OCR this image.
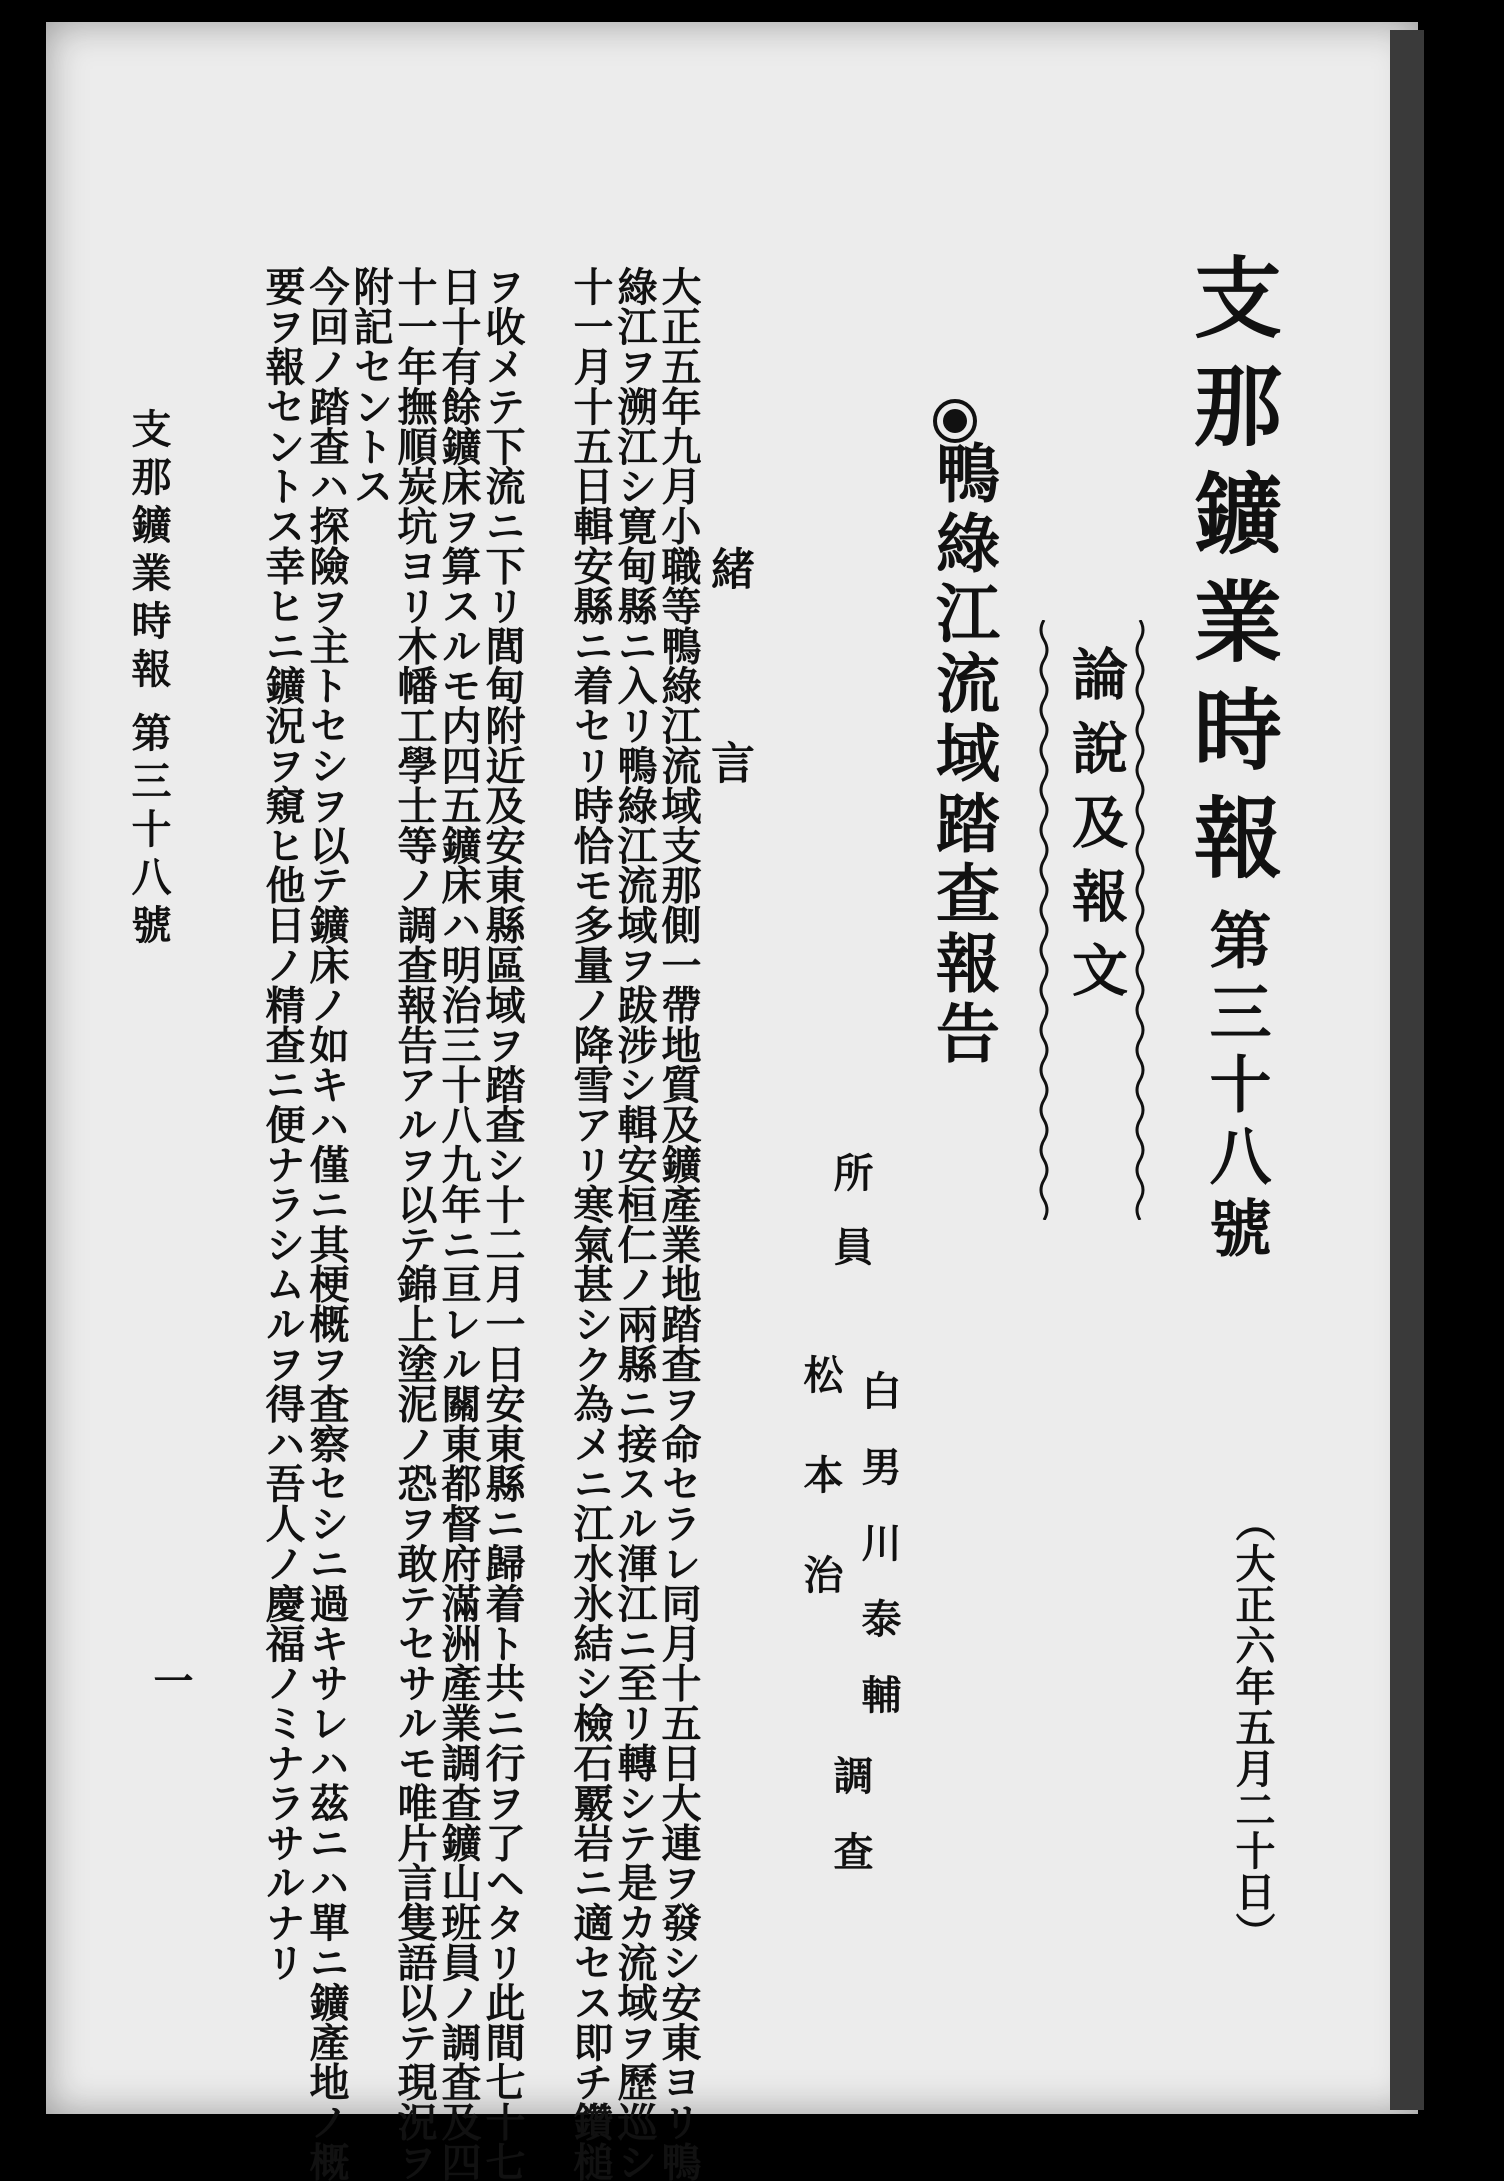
支那鑛業時報
第三十八號
（大正六年五月二十日）
論說及報文
鴨綠江流域踏查報告
所員
白男川泰輔
松本治
調查
緒言
大正五年九月小職等鴨綠江流域支那側一帶地質及鑛產業地踏查ヲ命セラレ同月十五日大連ヲ發シ安東ヨリ鴨
綠江ヲ溯江シ寛甸縣ニ入リ鴨綠江流域ヲ跋涉シ輯安桓仁ノ兩縣ニ接スル渾江ニ至リ轉シテ是カ流域ヲ歷巡シ
十一月十五日輯安縣ニ着セリ時恰モ多量ノ降雪アリ寒氣甚シク為メニ江水氷結シ檢石覈岩ニ適セス即チ鑽槌
ヲ收メテ下流ニ下リ閭甸附近及安東縣區域ヲ踏查シ十二月一日安東縣ニ歸着ト共ニ行ヲ了ヘタリ此間七十七
日十有餘鑛床ヲ算スルモ内四五鑛床ハ明治三十八九年ニ亘レル關東都督府滿洲產業調查鑛山班員ノ調査及四
十一年撫順炭坑ヨリ木幡工學士等ノ調查報告アルヲ以テ錦上塗泥ノ恐ヲ敢テセサルモ唯片言隻語以テ現況ヲ
附記セントス
今回ノ踏查ハ探險ヲ主トセシヲ以テ鑛床ノ如キハ僅ニ其梗概ヲ査察セシニ過キサレハ茲ニハ單ニ鑛產地ノ概
要ヲ報セントス幸ヒニ鑛況ヲ窺ヒ他日ノ精查ニ便ナラシムルヲ得ハ吾人ノ慶福ノミナラサルナリ
支那鑛業時報
第三十八號
一
